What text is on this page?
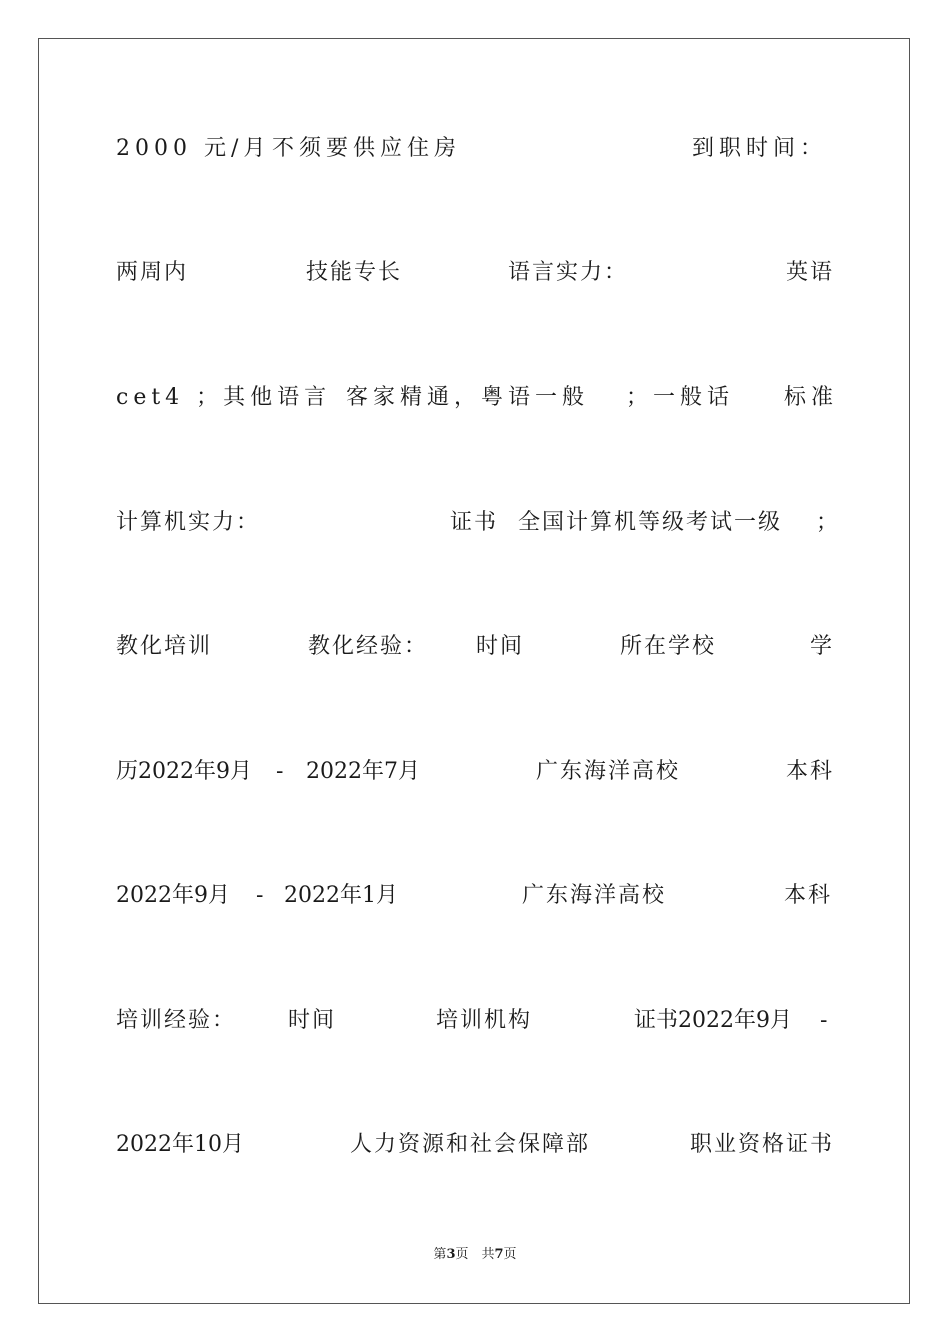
2000 元/月 不须要供应住房	到职时间：
两周内	技能专长	语言实力：	英语
cet4 ；其他语言 客家精通，粤语一般 ；一般话 标准
计算机实力：	证书 全国计算机等级考试一级 ；
教化培训	教化经验： 时间	所在学校	学
历2022年9月 - 2022年7月	广东海洋高校	本科
2022年9月 - 2022年1月	广东海洋高校	本科
培训经验： 时间	培训机构	证书2022年9月 -
2022年10月	人力资源和社会保障部	职业资格证书
第3页　共7页
